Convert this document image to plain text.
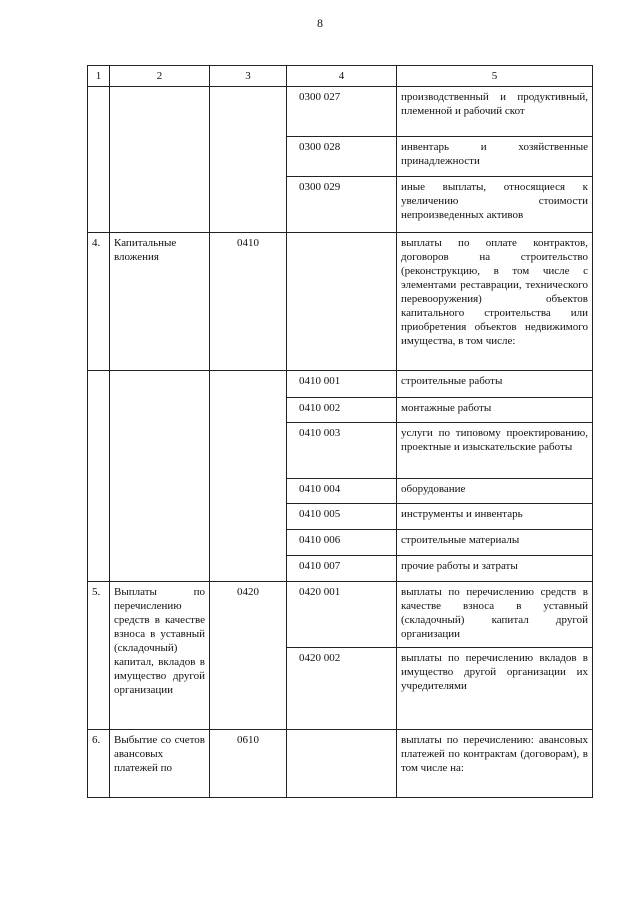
8
1	2	3	4	5
			0300 027	производственный и продуктивный, племенной и рабочий скот
			0300 028	инвентарь и хозяйственные принадлежности
			0300 029	иные выплаты, относящиеся к увеличению стоимости непроизведенных активов
4.	Капитальные вложения	0410		выплаты по оплате контрактов, договоров на строительство (реконструкцию, в том числе с элементами реставрации, технического перевооружения) объектов капитального строительства или приобретения объектов недвижимого имущества, в том числе:
			0410 001	строительные работы
			0410 002	монтажные работы
			0410 003	услуги по типовому проектированию, проектные и изыскательские работы
			0410 004	оборудование
			0410 005	инструменты и инвентарь
			0410 006	строительные материалы
			0410 007	прочие работы и затраты
5.	Выплаты по перечислению средств в качестве взноса в уставный (складочный) капитал, вкладов в имущество другой организации	0420	0420 001	выплаты по перечислению средств в качестве взноса в уставный (складочный) капитал другой организации
			0420 002	выплаты по перечислению вкладов в имущество другой организации их учредителями
6.	Выбытие со счетов авансовых платежей по	0610		выплаты по перечислению: авансовых платежей по контрактам (договорам), в том числе на:
